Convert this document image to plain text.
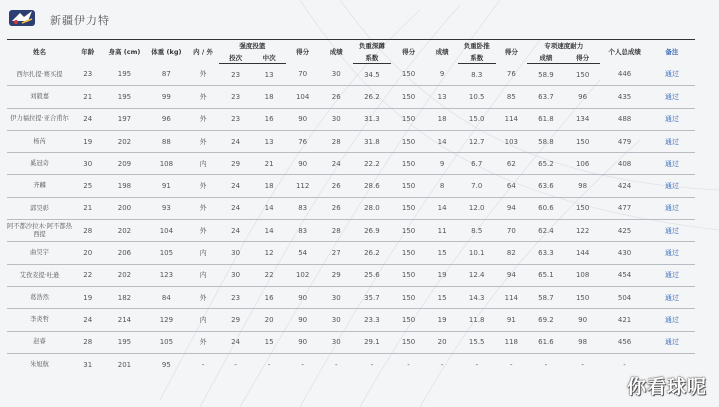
新疆伊力特
姓名	年龄	身高 (cm)	体重 (kg)	内 / 外	强度投篮		得分	成绩	负重深蹲	得分	成绩	负重卧推	得分	专项速度耐力		个人总成绩	备注
					投次	中次			系数			系数		成绩	得分		
西尔扎提·赛买提	23	195	87	外	23	13	70	30	34.5	150	9	8.3	76	58.9	150	446	通过
刘毅嘉	21	195	99	外	23	18	104	26	26.2	150	13	10.5	85	63.7	96	435	通过
伊力福拉提·亚合甫尔	24	197	96	外	23	16	90	30	31.3	150	18	15.0	114	61.8	134	488	通过
杨芮	19	202	88	外	24	13	76	28	31.8	150	14	12.7	103	58.8	150	479	通过
奚冠奇	30	209	108	内	29	21	90	24	22.2	150	9	6.7	62	65.2	106	408	通过
齐麟	25	198	91	外	24	18	112	26	28.6	150	8	7.0	64	63.6	98	424	通过
郭昊彰	21	200	93	外	24	14	83	26	28.0	150	14	12.0	94	60.6	150	477	通过
阿不都沙拉木·阿不都热西提	28	202	104	外	24	14	83	28	26.9	150	11	8.5	70	62.4	122	425	通过
曲昊宇	20	206	105	内	30	12	54	27	26.2	150	15	10.1	82	63.3	144	430	通过
艾孜麦提·吐逊	22	202	123	内	30	22	102	29	25.6	150	19	12.4	94	65.1	108	454	通过
葛浩然	19	182	84	外	23	16	90	30	35.7	150	15	14.3	114	58.7	150	504	通过
李炎哲	24	214	129	内	29	20	90	30	23.3	150	19	11.8	91	69.2	90	421	通过
赵睿	28	195	105	外	24	15	90	30	29.1	150	20	15.5	118	61.6	98	456	通过
朱旭航	31	201	95	-	-	-	-	-	-	-	-	-	-	-	-	-	
你看球呢
